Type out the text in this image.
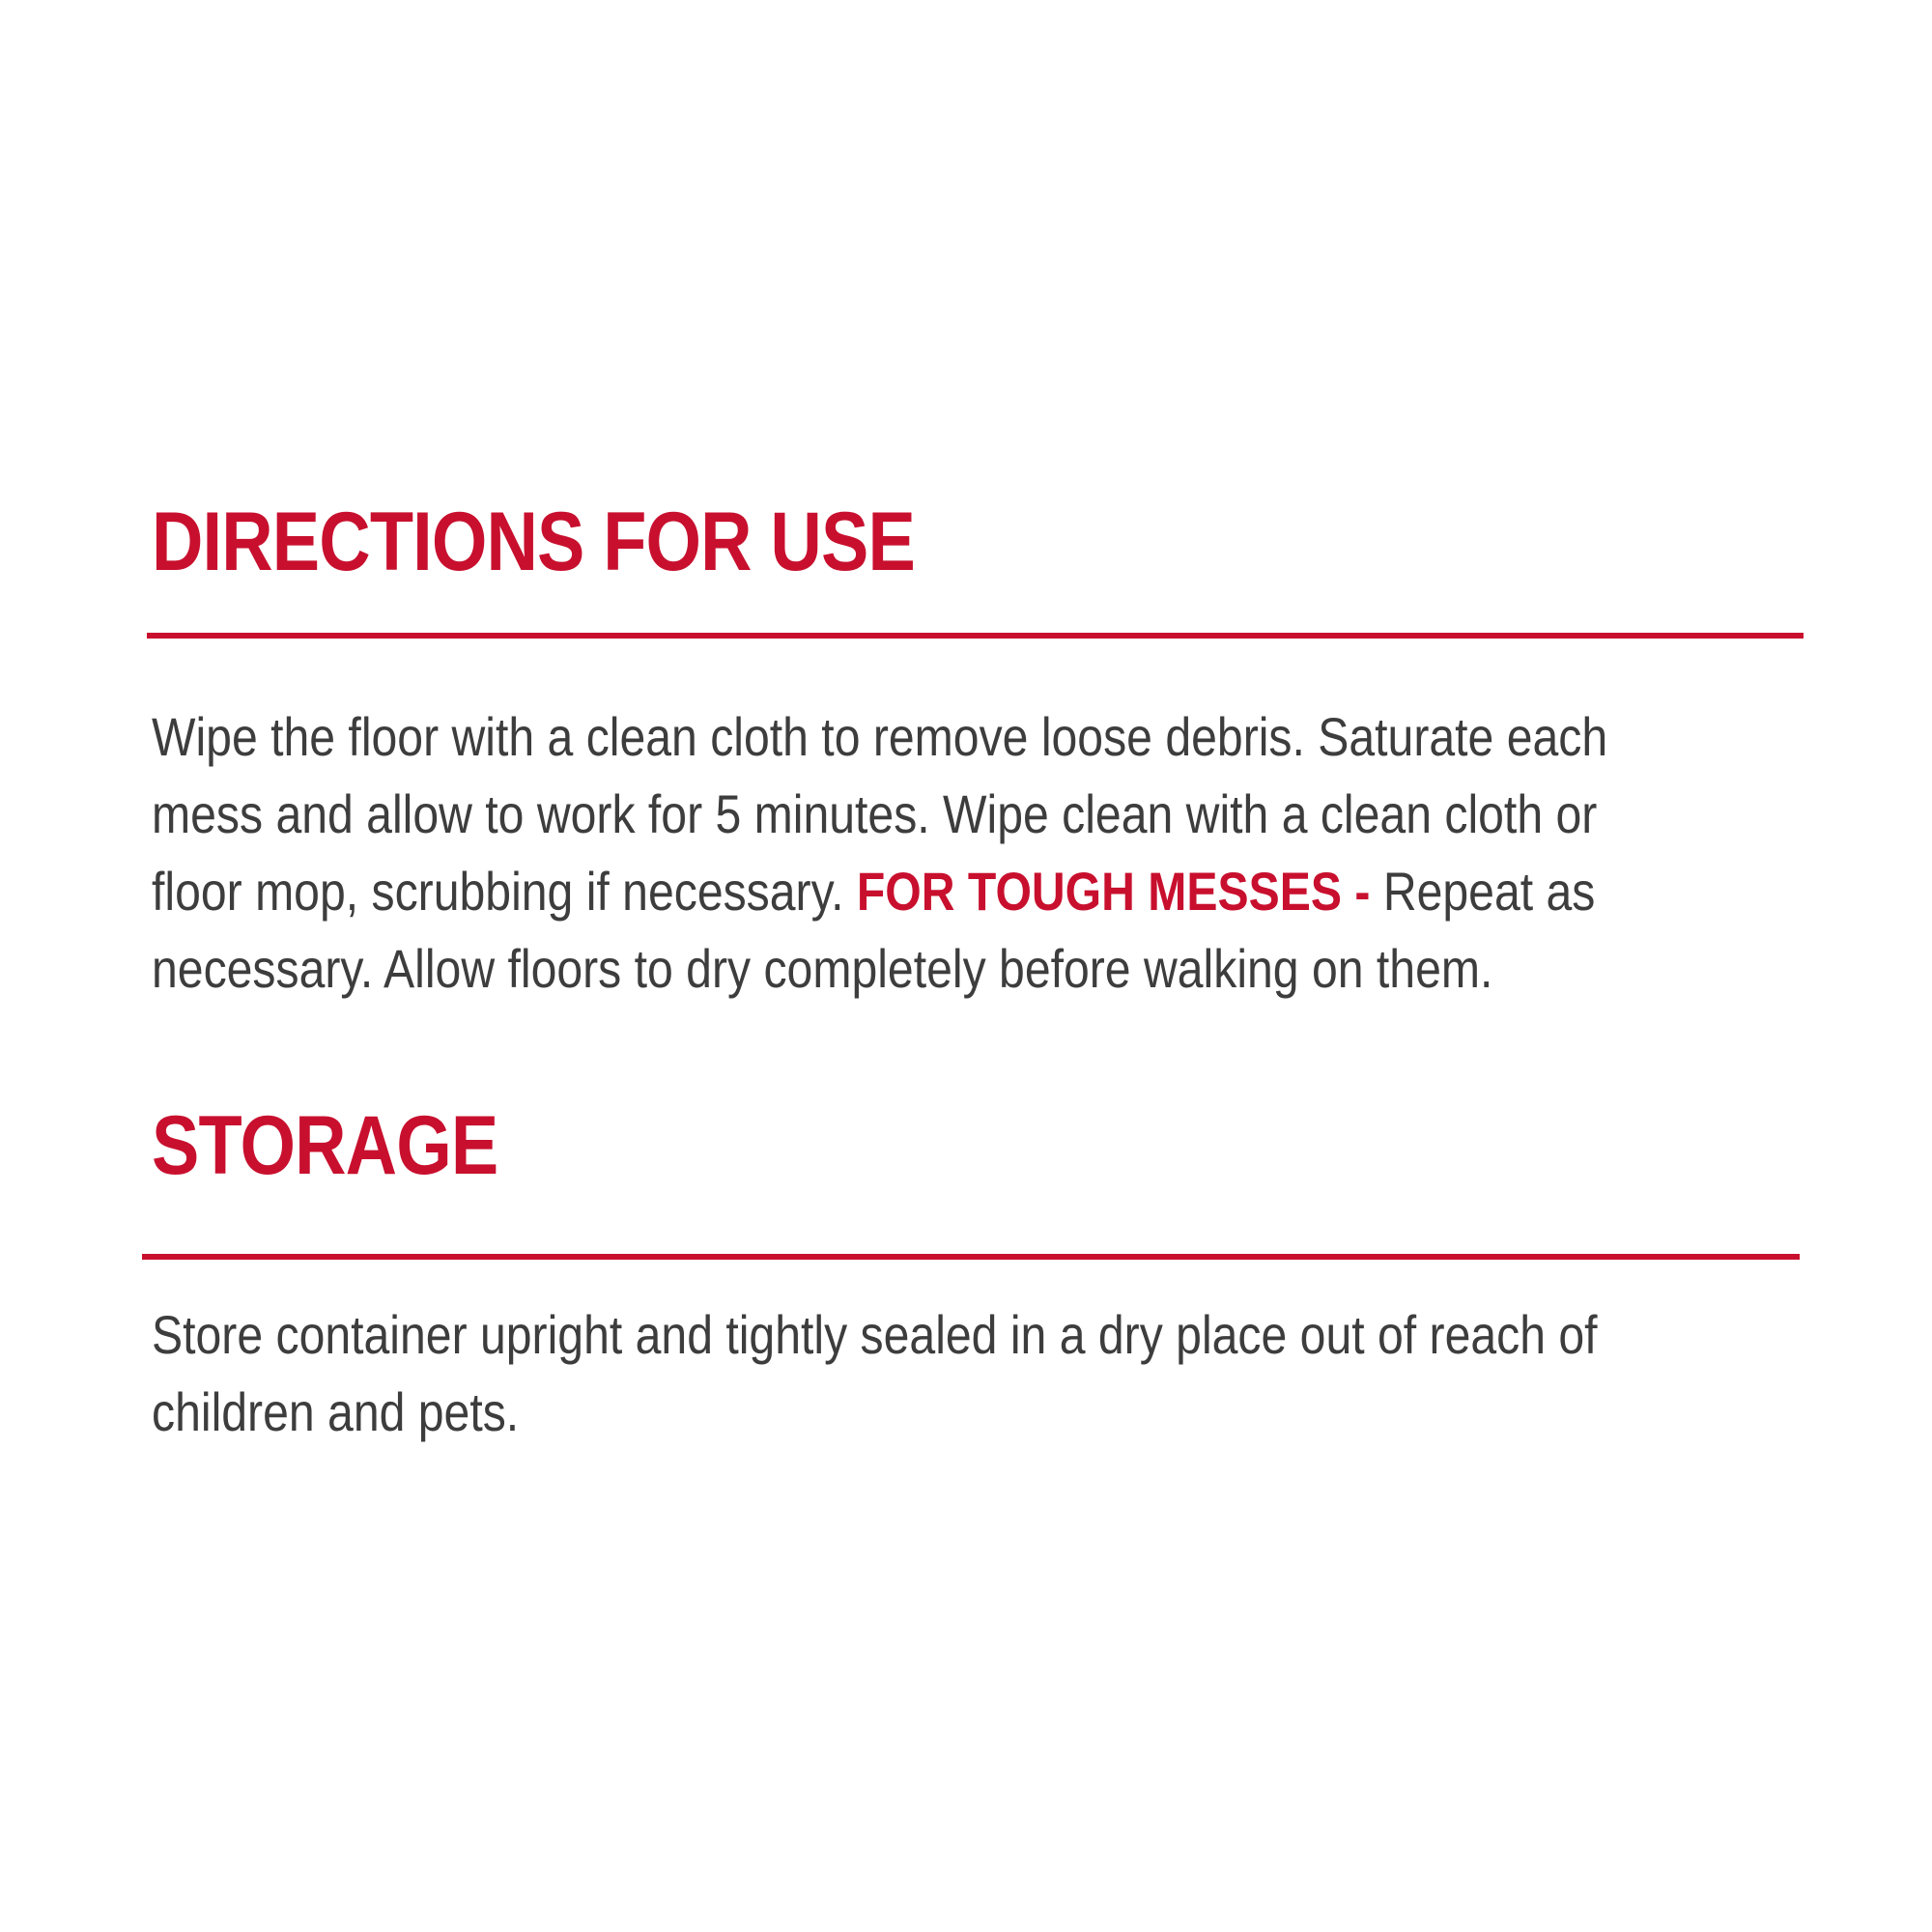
DIRECTIONS FOR USE

Wipe the floor with a clean cloth to remove loose debris. Saturate each
mess and allow to work for 5 minutes. Wipe clean with a clean cloth or
floor mop, scrubbing if necessary. FOR TOUGH MESSES - Repeat as
necessary. Allow floors to dry completely before walking on them.

STORAGE

Store container upright and tightly sealed in a dry place out of reach of
children and pets.
